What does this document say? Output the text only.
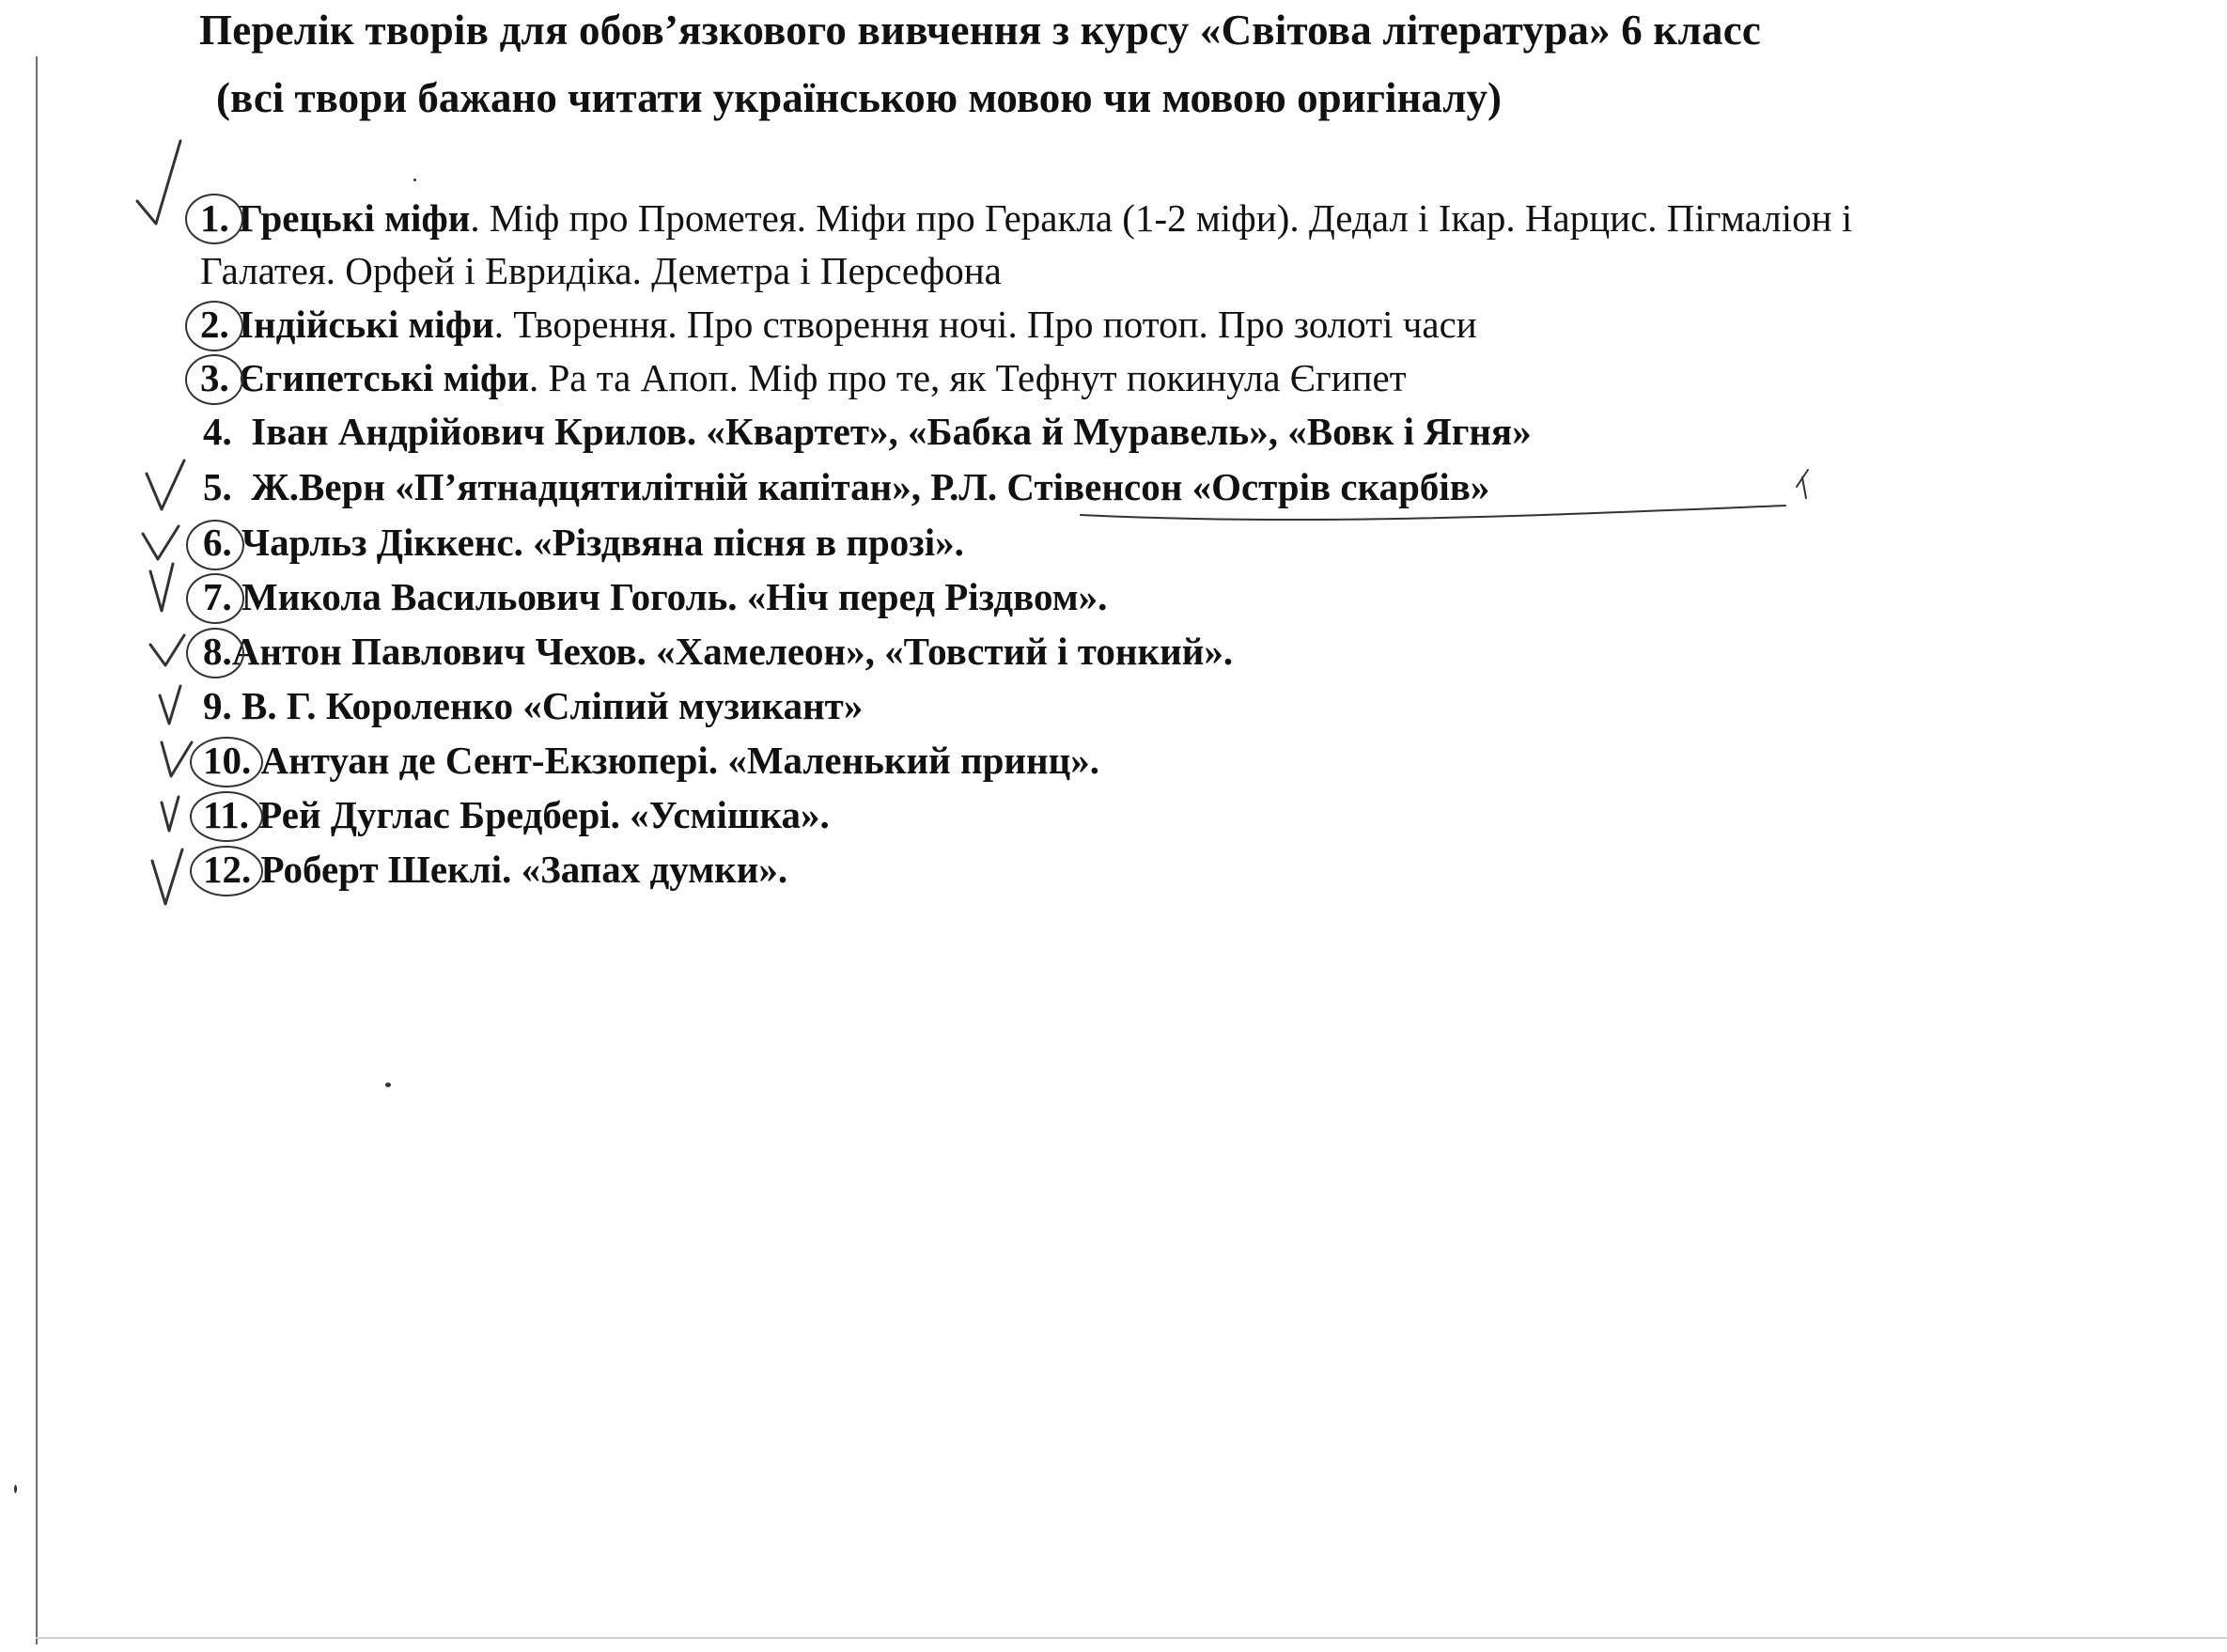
Перелік творів для обов’язкового вивчення з курсу «Світова література» 6 класс
(всі твори бажано читати українською мовою чи мовою оригіналу)
1. Грецькі міфи. Міф про Прометея. Міфи про Геракла (1-2 міфи). Дедал і Ікар. Нарцис. Пігмаліон і
Галатея. Орфей і Евридіка. Деметра і Персефона
2. Індійські міфи. Творення. Про створення ночі. Про потоп. Про золоті часи
3. Єгипетські міфи. Ра та Апоп. Міф про те, як Тефнут покинула Єгипет
4. Іван Андрійович Крилов. «Квартет», «Бабка й Муравель», «Вовк і Ягня»
5. Ж.Верн «П’ятнадцятилітній капітан», Р.Л. Стівенсон «Острів скарбів»
6. Чарльз Діккенс. «Різдвяна пісня в прозі».
7. Микола Васильович Гоголь. «Ніч перед Різдвом».
8.Антон Павлович Чехов. «Хамелеон», «Товстий і тонкий».
9. В. Г. Короленко «Сліпий музикант»
10. Антуан де Сент-Екзюпері. «Маленький принц».
11. Рей Дуглас Бредбері. «Усмішка».
12. Роберт Шеклі. «Запах думки».
